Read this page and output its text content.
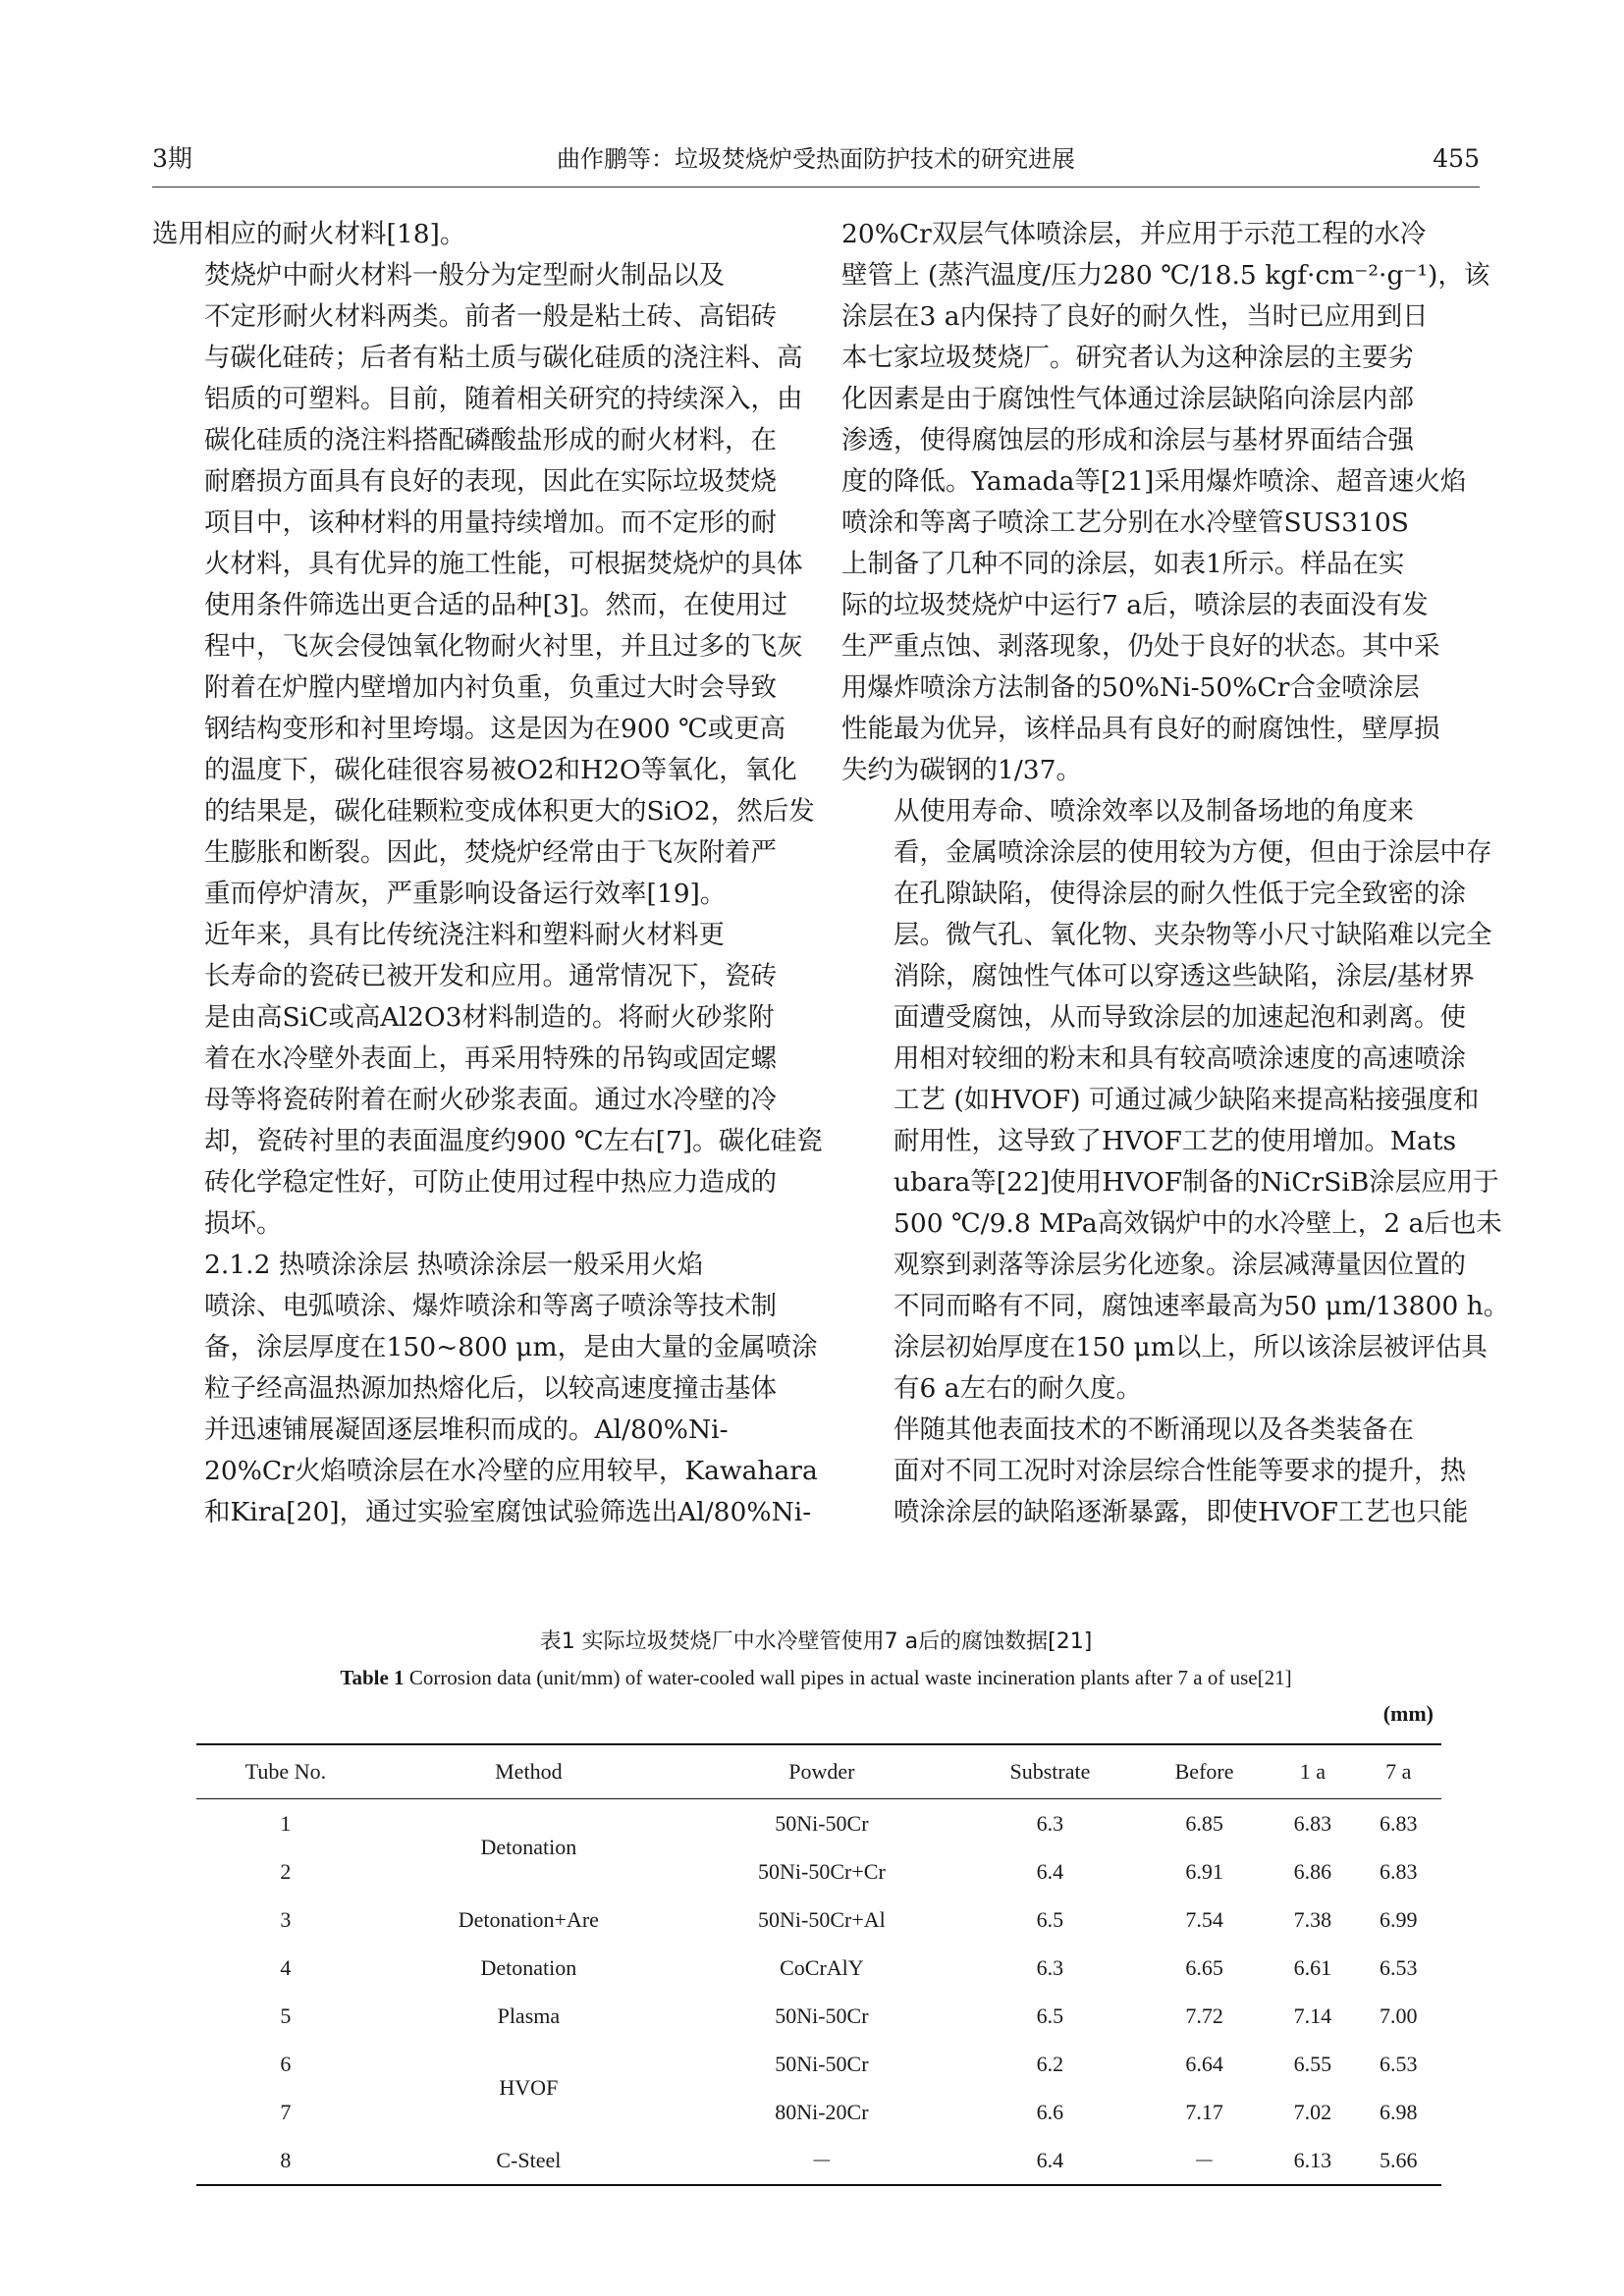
3期	曲作鹏等：垃圾焚烧炉受热面防护技术的研究进展	455

选用相应的耐火材料[18]。

焚烧炉中耐火材料一般分为定型耐火制品以及
不定形耐火材料两类。前者一般是粘土砖、高铝砖
与碳化硅砖；后者有粘土质与碳化硅质的浇注料、高
铝质的可塑料。目前，随着相关研究的持续深入，由
碳化硅质的浇注料搭配磷酸盐形成的耐火材料，在
耐磨损方面具有良好的表现，因此在实际垃圾焚烧
项目中，该种材料的用量持续增加。而不定形的耐
火材料，具有优异的施工性能，可根据焚烧炉的具体
使用条件筛选出更合适的品种[3]。然而，在使用过
程中，飞灰会侵蚀氧化物耐火衬里，并且过多的飞灰
附着在炉膛内壁增加内衬负重，负重过大时会导致
钢结构变形和衬里垮塌。这是因为在900 ℃或更高
的温度下，碳化硅很容易被O2和H2O等氧化，氧化
的结果是，碳化硅颗粒变成体积更大的SiO2，然后发
生膨胀和断裂。因此，焚烧炉经常由于飞灰附着严
重而停炉清灰，严重影响设备运行效率[19]。

近年来，具有比传统浇注料和塑料耐火材料更
长寿命的瓷砖已被开发和应用。通常情况下，瓷砖
是由高SiC或高Al2O3材料制造的。将耐火砂浆附
着在水冷壁外表面上，再采用特殊的吊钩或固定螺
母等将瓷砖附着在耐火砂浆表面。通过水冷壁的冷
却，瓷砖衬里的表面温度约900 ℃左右[7]。碳化硅瓷
砖化学稳定性好，可防止使用过程中热应力造成的
损坏。

2.1.2 热喷涂涂层 热喷涂涂层一般采用火焰
喷涂、电弧喷涂、爆炸喷涂和等离子喷涂等技术制
备，涂层厚度在150~800 μm，是由大量的金属喷涂
粒子经高温热源加热熔化后，以较高速度撞击基体
并迅速铺展凝固逐层堆积而成的。Al/80%Ni-
20%Cr火焰喷涂层在水冷壁的应用较早，Kawahara
和Kira[20]，通过实验室腐蚀试验筛选出Al/80%Ni-

20%Cr双层气体喷涂层，并应用于示范工程的水冷
壁管上 (蒸汽温度/压力280 ℃/18.5 kgf·cm⁻²·g⁻¹)，该
涂层在3 a内保持了良好的耐久性，当时已应用到日
本七家垃圾焚烧厂。研究者认为这种涂层的主要劣
化因素是由于腐蚀性气体通过涂层缺陷向涂层内部
渗透，使得腐蚀层的形成和涂层与基材界面结合强
度的降低。Yamada等[21]采用爆炸喷涂、超音速火焰
喷涂和等离子喷涂工艺分别在水冷壁管SUS310S
上制备了几种不同的涂层，如表1所示。样品在实
际的垃圾焚烧炉中运行7 a后，喷涂层的表面没有发
生严重点蚀、剥落现象，仍处于良好的状态。其中采
用爆炸喷涂方法制备的50%Ni-50%Cr合金喷涂层
性能最为优异，该样品具有良好的耐腐蚀性，壁厚损
失约为碳钢的1/37。

从使用寿命、喷涂效率以及制备场地的角度来
看，金属喷涂涂层的使用较为方便，但由于涂层中存
在孔隙缺陷，使得涂层的耐久性低于完全致密的涂
层。微气孔、氧化物、夹杂物等小尺寸缺陷难以完全
消除，腐蚀性气体可以穿透这些缺陷，涂层/基材界
面遭受腐蚀，从而导致涂层的加速起泡和剥离。使
用相对较细的粉末和具有较高喷涂速度的高速喷涂
工艺 (如HVOF) 可通过减少缺陷来提高粘接强度和
耐用性，这导致了HVOF工艺的使用增加。Mats
ubara等[22]使用HVOF制备的NiCrSiB涂层应用于
500 ℃/9.8 MPa高效锅炉中的水冷壁上，2 a后也未
观察到剥落等涂层劣化迹象。涂层减薄量因位置的
不同而略有不同，腐蚀速率最高为50 μm/13800 h。
涂层初始厚度在150 μm以上，所以该涂层被评估具
有6 a左右的耐久度。

伴随其他表面技术的不断涌现以及各类装备在
面对不同工况时对涂层综合性能等要求的提升，热
喷涂涂层的缺陷逐渐暴露，即使HVOF工艺也只能

表1 实际垃圾焚烧厂中水冷壁管使用7 a后的腐蚀数据[21]
Table 1 Corrosion data (unit/mm) of water-cooled wall pipes in actual waste incineration plants after 7 a of use[21]
(mm)
Tube No.	Method	Powder	Substrate	Before	1 a	7 a
1	Detonation	50Ni-50Cr	6.3	6.85	6.83	6.83
2		50Ni-50Cr+Cr	6.4	6.91	6.86	6.83
3	Detonation+Are	50Ni-50Cr+Al	6.5	7.54	7.38	6.99
4	Detonation	CoCrAlY	6.3	6.65	6.61	6.53
5	Plasma	50Ni-50Cr	6.5	7.72	7.14	7.00
6	HVOF	50Ni-50Cr	6.2	6.64	6.55	6.53
7		80Ni-20Cr	6.6	7.17	7.02	6.98
8	C-Steel	－	6.4	－	6.13	5.66
